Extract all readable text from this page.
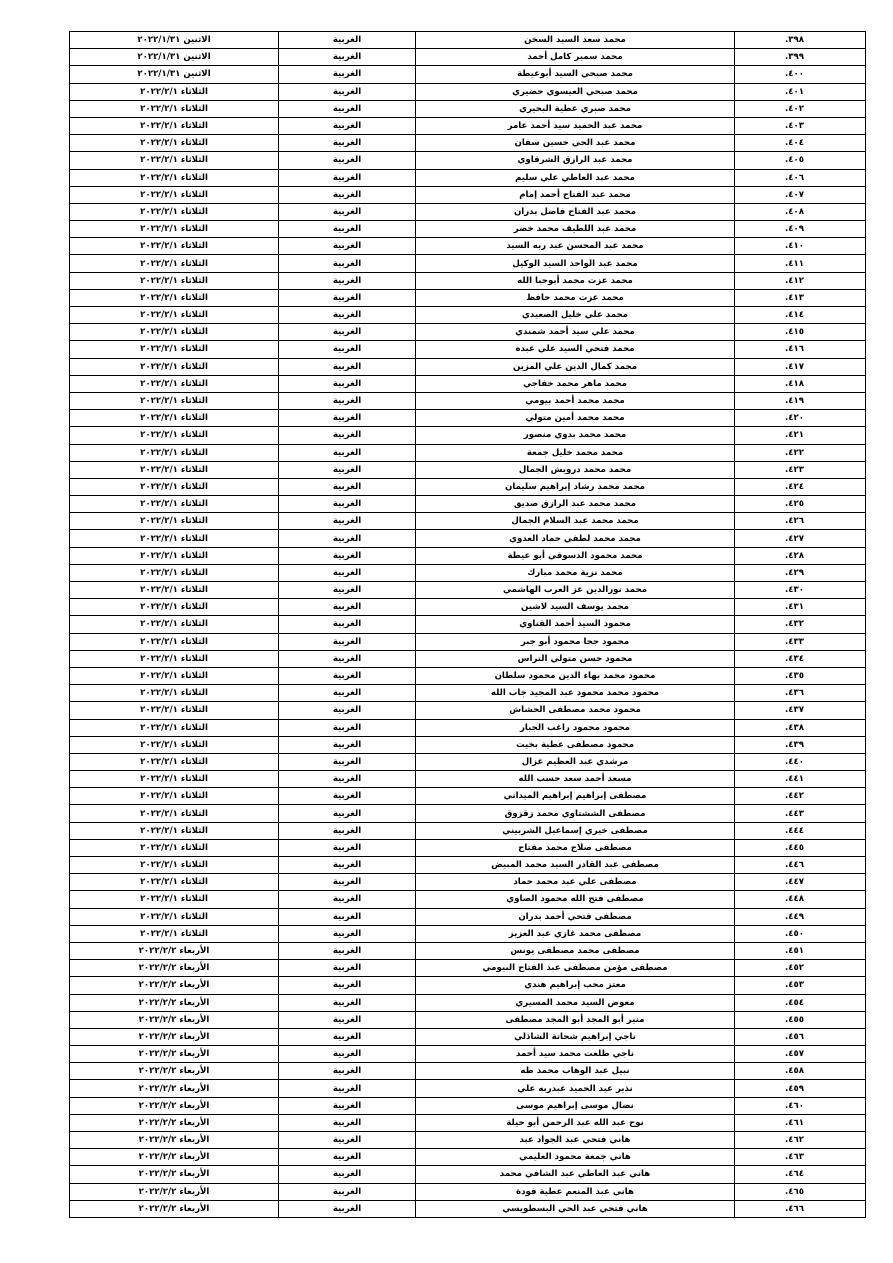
٣٩٨.	محمد سعد السيد السخن	الغربية	الاثنين ٢٠٢٢/١/٣١
٣٩٩.	محمد سمير كامل أحمد	الغربية	الاثنين ٢٠٢٢/١/٣١
٤٠٠.	محمد صبحي السيد أبوعيطة	الغربية	الاثنين ٢٠٢٢/١/٣١
٤٠١.	محمد صبحي العيسوي حضيري	الغربية	الثلاثاء ٢٠٢٢/٢/١
٤٠٢.	محمد صبري عطية البحيري	الغربية	الثلاثاء ٢٠٢٢/٢/١
٤٠٣.	محمد عبد الحميد سيد أحمد عامر	الغربية	الثلاثاء ٢٠٢٢/٢/١
٤٠٤.	محمد عبد الحي حسين سفان	الغربية	الثلاثاء ٢٠٢٢/٢/١
٤٠٥.	محمد عبد الرازق الشرقاوي	الغربية	الثلاثاء ٢٠٢٢/٢/١
٤٠٦.	محمد عبد العاطي علي سليم	الغربية	الثلاثاء ٢٠٢٢/٢/١
٤٠٧.	محمد عبد الفتاح أحمد إمام	الغربية	الثلاثاء ٢٠٢٢/٢/١
٤٠٨.	محمد عبد الفتاح فاضل بدران	الغربية	الثلاثاء ٢٠٢٢/٢/١
٤٠٩.	محمد عبد اللطيف محمد خضر	الغربية	الثلاثاء ٢٠٢٢/٢/١
٤١٠.	محمد عبد المحسن عبد ربه السيد	الغربية	الثلاثاء ٢٠٢٢/٢/١
٤١١.	محمد عبد الواحد السيد الوكيل	الغربية	الثلاثاء ٢٠٢٢/٢/١
٤١٢.	محمد عزت محمد أبوحبا الله	الغربية	الثلاثاء ٢٠٢٢/٢/١
٤١٣.	محمد عزت محمد حافظ	الغربية	الثلاثاء ٢٠٢٢/٢/١
٤١٤.	محمد علي خليل الصعيدي	الغربية	الثلاثاء ٢٠٢٢/٢/١
٤١٥.	محمد علي سيد أحمد شمندي	الغربية	الثلاثاء ٢٠٢٢/٢/١
٤١٦.	محمد فتحي السيد علي عبده	الغربية	الثلاثاء ٢٠٢٢/٢/١
٤١٧.	محمد كمال الدين علي المزين	الغربية	الثلاثاء ٢٠٢٢/٢/١
٤١٨.	محمد ماهر محمد خفاجي	الغربية	الثلاثاء ٢٠٢٢/٢/١
٤١٩.	محمد محمد أحمد بيومي	الغربية	الثلاثاء ٢٠٢٢/٢/١
٤٢٠.	محمد محمد أمين متولي	الغربية	الثلاثاء ٢٠٢٢/٢/١
٤٢١.	محمد محمد بدوي منصور	الغربية	الثلاثاء ٢٠٢٢/٢/١
٤٢٢.	محمد محمد خليل جمعة	الغربية	الثلاثاء ٢٠٢٢/٢/١
٤٢٣.	محمد محمد درويش الجمال	الغربية	الثلاثاء ٢٠٢٢/٢/١
٤٢٤.	محمد محمد رشاد إبراهيم سليمان	الغربية	الثلاثاء ٢٠٢٢/٢/١
٤٢٥.	محمد محمد عبد الرازق صديق	الغربية	الثلاثاء ٢٠٢٢/٢/١
٤٢٦.	محمد محمد عبد السلام الجمال	الغربية	الثلاثاء ٢٠٢٢/٢/١
٤٢٧.	محمد محمد لطفي حماد العدوي	الغربية	الثلاثاء ٢٠٢٢/٢/١
٤٢٨.	محمد محمود الدسوقي أبو عيطة	الغربية	الثلاثاء ٢٠٢٢/٢/١
٤٢٩.	محمد نزية محمد مبارك	الغربية	الثلاثاء ٢٠٢٢/٢/١
٤٣٠.	محمد نورالدين عز العرب الهاشمي	الغربية	الثلاثاء ٢٠٢٢/٢/١
٤٣١.	محمد يوسف السيد لاشين	الغربية	الثلاثاء ٢٠٢٢/٢/١
٤٣٢.	محمود السيد أحمد القناوي	الغربية	الثلاثاء ٢٠٢٢/٢/١
٤٣٣.	محمود جحا محمود أبو جبر	الغربية	الثلاثاء ٢٠٢٢/٢/١
٤٣٤.	محمود حسن متولي التراس	الغربية	الثلاثاء ٢٠٢٢/٢/١
٤٣٥.	محمود محمد بهاء الدين محمود سلطان	الغربية	الثلاثاء ٢٠٢٢/٢/١
٤٣٦.	محمود محمد محمود عبد المجيد جاب الله	الغربية	الثلاثاء ٢٠٢٢/٢/١
٤٣٧.	محمود محمد مصطفى الحشاش	الغربية	الثلاثاء ٢٠٢٢/٢/١
٤٣٨.	محمود محمود راغب الجبار	الغربية	الثلاثاء ٢٠٢٢/٢/١
٤٣٩.	محمود مصطفى عطية بخيت	الغربية	الثلاثاء ٢٠٢٢/٢/١
٤٤٠.	مرشدي عبد العظيم غزال	الغربية	الثلاثاء ٢٠٢٢/٢/١
٤٤١.	مسعد أحمد سعد حسب الله	الغربية	الثلاثاء ٢٠٢٢/٢/١
٤٤٢.	مصطفى إبراهيم إبراهيم الميداني	الغربية	الثلاثاء ٢٠٢٢/٢/١
٤٤٣.	مصطفى الششتاوي محمد زقزوق	الغربية	الثلاثاء ٢٠٢٢/٢/١
٤٤٤.	مصطفى خيري إسماعيل الشربيني	الغربية	الثلاثاء ٢٠٢٢/٢/١
٤٤٥.	مصطفى صلاح محمد مفتاح	الغربية	الثلاثاء ٢٠٢٢/٢/١
٤٤٦.	مصطفى عبد القادر السيد محمد المبيض	الغربية	الثلاثاء ٢٠٢٢/٢/١
٤٤٧.	مصطفى علي عبد محمد حماد	الغربية	الثلاثاء ٢٠٢٢/٢/١
٤٤٨.	مصطفى فتح الله محمود الصاوي	الغربية	الثلاثاء ٢٠٢٢/٢/١
٤٤٩.	مصطفى فتحي أحمد بدران	الغربية	الثلاثاء ٢٠٢٢/٢/١
٤٥٠.	مصطفى محمد غازي عبد العزيز	الغربية	الثلاثاء ٢٠٢٢/٢/١
٤٥١.	مصطفى محمد مصطفى يونس	الغربية	الأربعاء ٢٠٢٢/٢/٢
٤٥٢.	مصطفى مؤمن مصطفى عبد الفتاح البيومي	الغربية	الأربعاء ٢٠٢٢/٢/٢
٤٥٣.	معتز محب إبراهيم هندي	الغربية	الأربعاء ٢٠٢٢/٢/٢
٤٥٤.	معوض السيد محمد المسيري	الغربية	الأربعاء ٢٠٢٢/٢/٢
٤٥٥.	منير أبو المجد أبو المجد مصطفى	الغربية	الأربعاء ٢٠٢٢/٢/٢
٤٥٦.	ناجي إبراهيم شحاتة الشاذلي	الغربية	الأربعاء ٢٠٢٢/٢/٢
٤٥٧.	ناجي طلعت محمد سيد أحمد	الغربية	الأربعاء ٢٠٢٢/٢/٢
٤٥٨.	نبيل عبد الوهاب محمد طه	الغربية	الأربعاء ٢٠٢٢/٢/٢
٤٥٩.	نذير عبد الحميد عبدربه علي	الغربية	الأربعاء ٢٠٢٢/٢/٢
٤٦٠.	نضال موسى إبراهيم موسى	الغربية	الأربعاء ٢٠٢٢/٢/٢
٤٦١.	نوح عبد الله عبد الرحمن أبو حيلة	الغربية	الأربعاء ٢٠٢٢/٢/٢
٤٦٢.	هاني فتحي عبد الجواد عبد	الغربية	الأربعاء ٢٠٢٢/٢/٢
٤٦٣.	هاني جمعة محمود العليمي	الغربية	الأربعاء ٢٠٢٢/٢/٢
٤٦٤.	هاني عبد العاطي عبد الشافي محمد	الغربية	الأربعاء ٢٠٢٢/٢/٢
٤٦٥.	هاني عبد المنعم عطية فودة	الغربية	الأربعاء ٢٠٢٢/٢/٢
٤٦٦.	هاني فتحي عبد الحي البسطويسي	الغربية	الأربعاء ٢٠٢٢/٢/٢
